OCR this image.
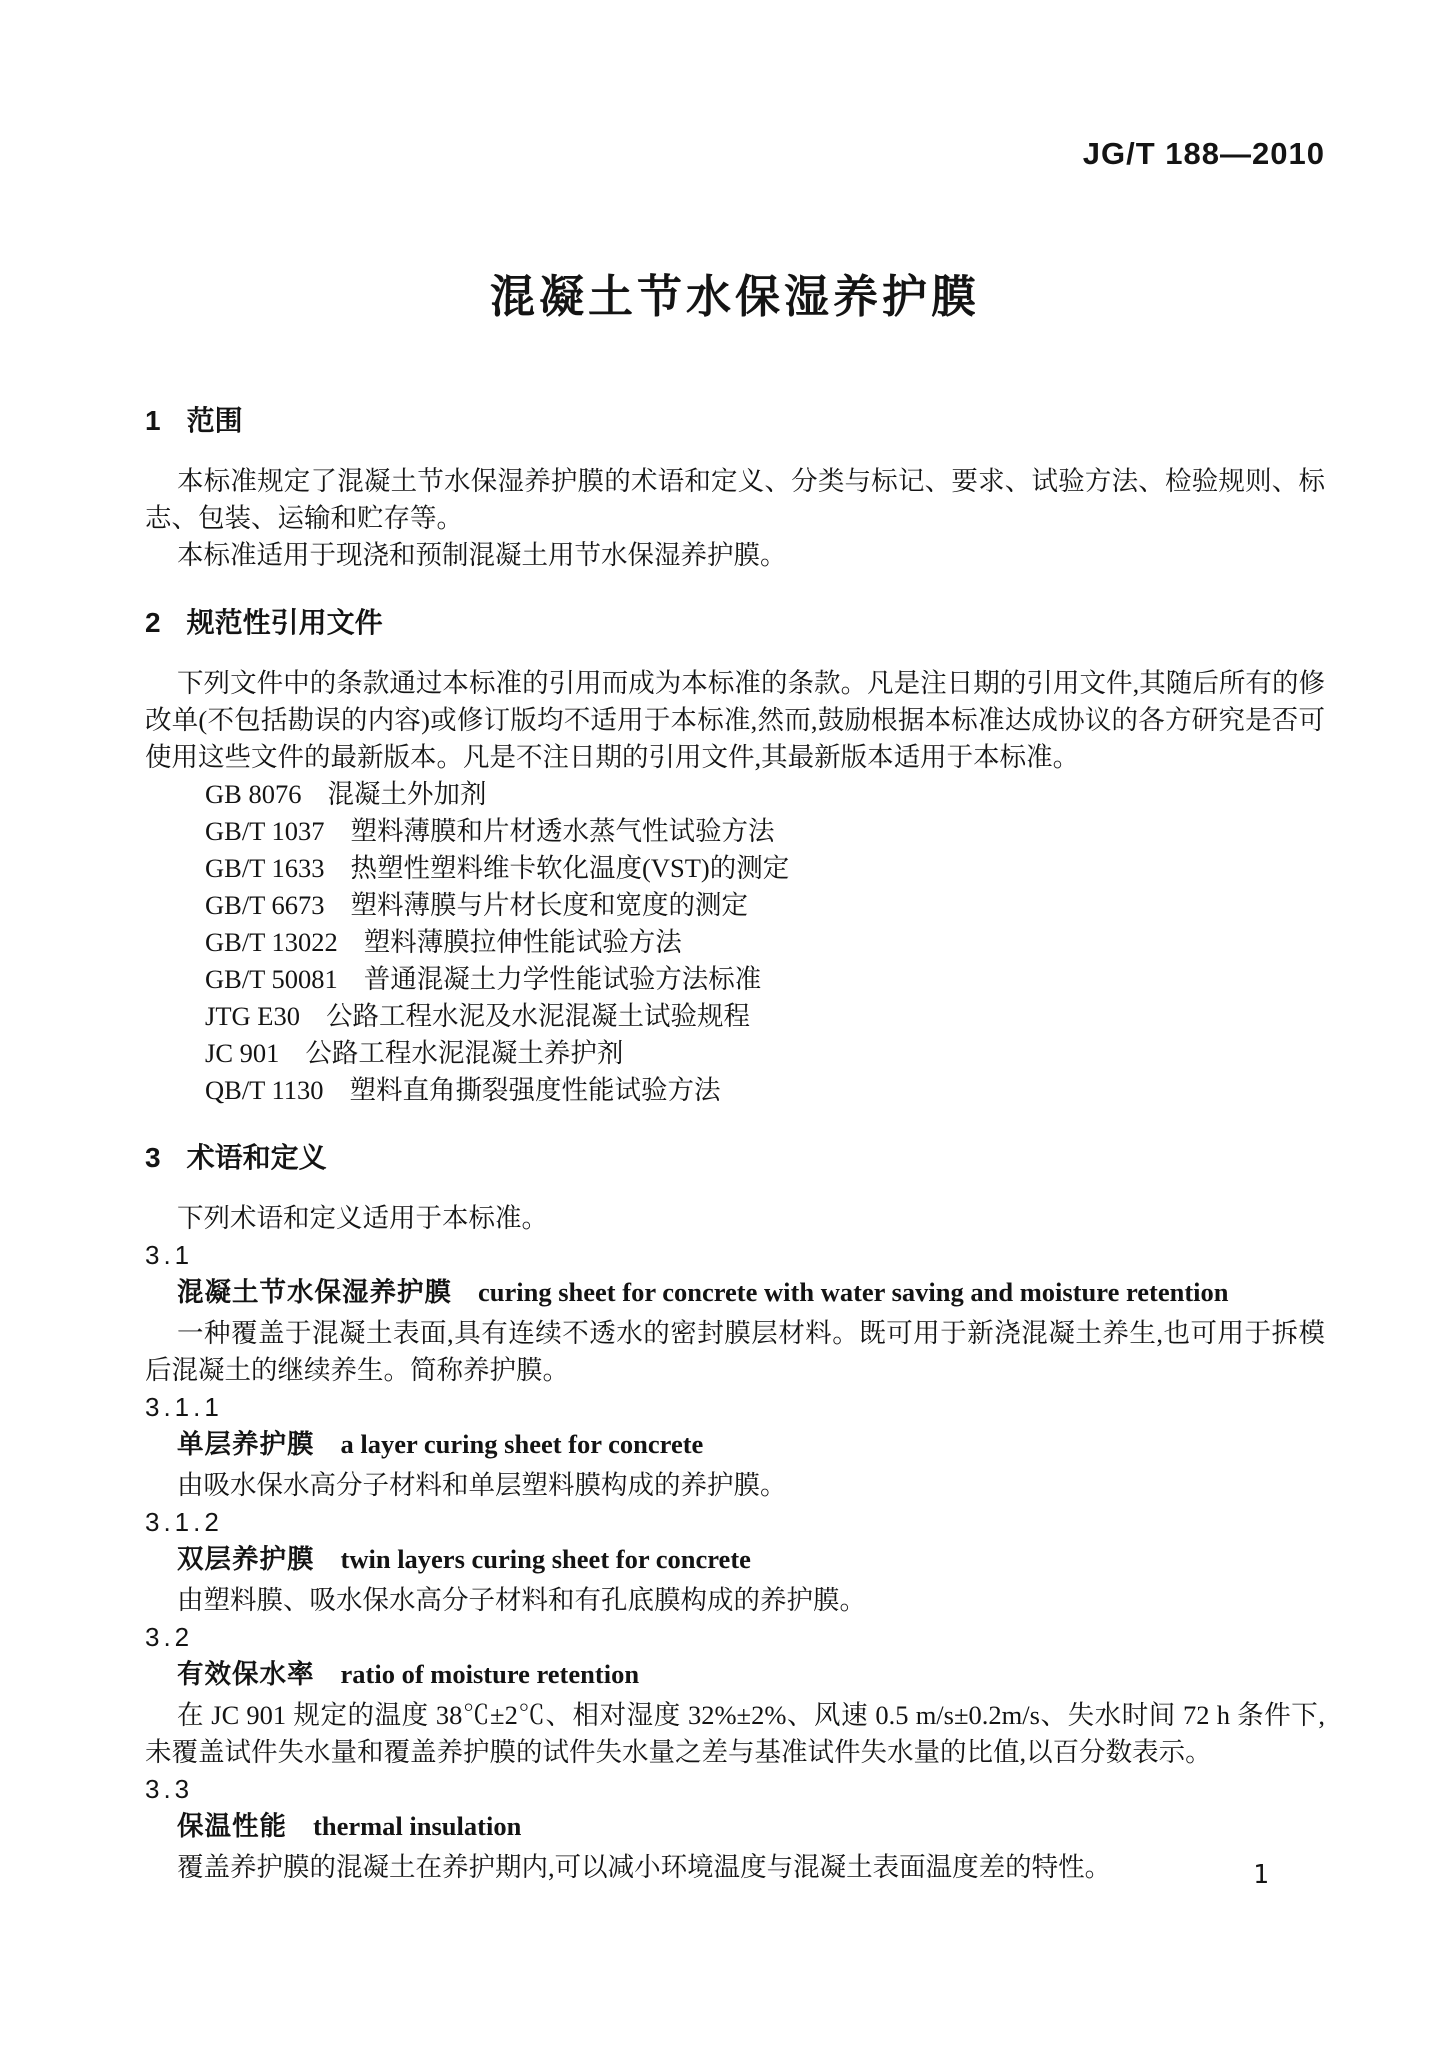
JG/T 188—2010
混凝土节水保湿养护膜
1 范围

本标准规定了混凝土节水保湿养护膜的术语和定义、分类与标记、要求、试验方法、检验规则、标志、包装、运输和贮存等。

本标准适用于现浇和预制混凝土用节水保湿养护膜。

2 规范性引用文件

下列文件中的条款通过本标准的引用而成为本标准的条款。凡是注日期的引用文件,其随后所有的修改单(不包括勘误的内容)或修订版均不适用于本标准,然而,鼓励根据本标准达成协议的各方研究是否可使用这些文件的最新版本。凡是不注日期的引用文件,其最新版本适用于本标准。

GB 8076 混凝土外加剂
GB/T 1037 塑料薄膜和片材透水蒸气性试验方法
GB/T 1633 热塑性塑料维卡软化温度(VST)的测定
GB/T 6673 塑料薄膜与片材长度和宽度的测定
GB/T 13022 塑料薄膜拉伸性能试验方法
GB/T 50081 普通混凝土力学性能试验方法标准
JTG E30 公路工程水泥及水泥混凝土试验规程
JC 901 公路工程水泥混凝土养护剂
QB/T 1130 塑料直角撕裂强度性能试验方法
3 术语和定义

下列术语和定义适用于本标准。

3.1
混凝土节水保湿养护膜 curing sheet for concrete with water saving and moisture retention

一种覆盖于混凝土表面,具有连续不透水的密封膜层材料。既可用于新浇混凝土养生,也可用于拆模后混凝土的继续养生。简称养护膜。

3.1.1
单层养护膜 a layer curing sheet for concrete

由吸水保水高分子材料和单层塑料膜构成的养护膜。

3.1.2
双层养护膜 twin layers curing sheet for concrete

由塑料膜、吸水保水高分子材料和有孔底膜构成的养护膜。

3.2
有效保水率 ratio of moisture retention

在 JC 901 规定的温度 38℃±2℃、相对湿度 32%±2%、风速 0.5 m/s±0.2m/s、失水时间 72 h 条件下,未覆盖试件失水量和覆盖养护膜的试件失水量之差与基准试件失水量的比值,以百分数表示。

3.3
保温性能 thermal insulation

覆盖养护膜的混凝土在养护期内,可以减小环境温度与混凝土表面温度差的特性。	1
